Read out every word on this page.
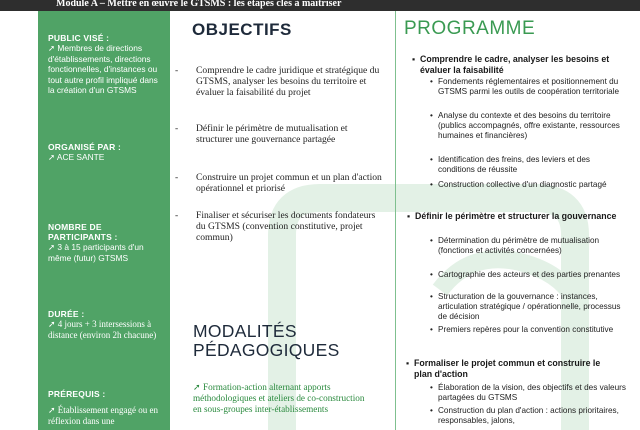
Module A – Mettre en œuvre le GTSMS : les étapes clés à maîtriser
PUBLIC VISÉ :
➚ Membres de directions d'établissements, directions fonctionnelles, d'instances ou tout autre profil impliqué dans la création d'un GTSMS
ORGANISÉ PAR :
➚ ACE SANTE
NOMBRE DE PARTICIPANTS :
➚ 3 à 15 participants d'un même (futur) GTSMS
DURÉE :
➚ 4 jours + 3 intersessions à distance (environ 2h chacune)
PRÉREQUIS :
➚ Établissement engagé ou en réflexion dans une
OBJECTIFS
- Comprendre le cadre juridique et stratégique du GTSMS, analyser les besoins du territoire et évaluer la faisabilité du projet
- Définir le périmètre de mutualisation et structurer une gouvernance partagée
- Construire un projet commun et un plan d'action opérationnel et priorisé
- Finaliser et sécuriser les documents fondateurs du GTSMS (convention constitutive, projet commun)
MODALITÉS
PÉDAGOGIQUES
➚ Formation-action alternant apports méthodologiques et ateliers de co-construction en sous-groupes inter-établissements
PROGRAMME
▪ Comprendre le cadre, analyser les besoins et évaluer la faisabilité
• Fondements réglementaires et positionnement du GTSMS parmi les outils de coopération territoriale
• Analyse du contexte et des besoins du territoire (publics accompagnés, offre existante, ressources humaines et financières)
• Identification des freins, des leviers et des conditions de réussite
• Construction collective d'un diagnostic partagé
▪ Définir le périmètre et structurer la gouvernance
• Détermination du périmètre de mutualisation (fonctions et activités concernées)
• Cartographie des acteurs et des parties prenantes
• Structuration de la gouvernance : instances, articulation stratégique / opérationnelle, processus de décision
• Premiers repères pour la convention constitutive
▪ Formaliser le projet commun et construire le plan d'action
• Élaboration de la vision, des objectifs et des valeurs partagées du GTSMS
• Construction du plan d'action : actions prioritaires, responsables, jalons,
